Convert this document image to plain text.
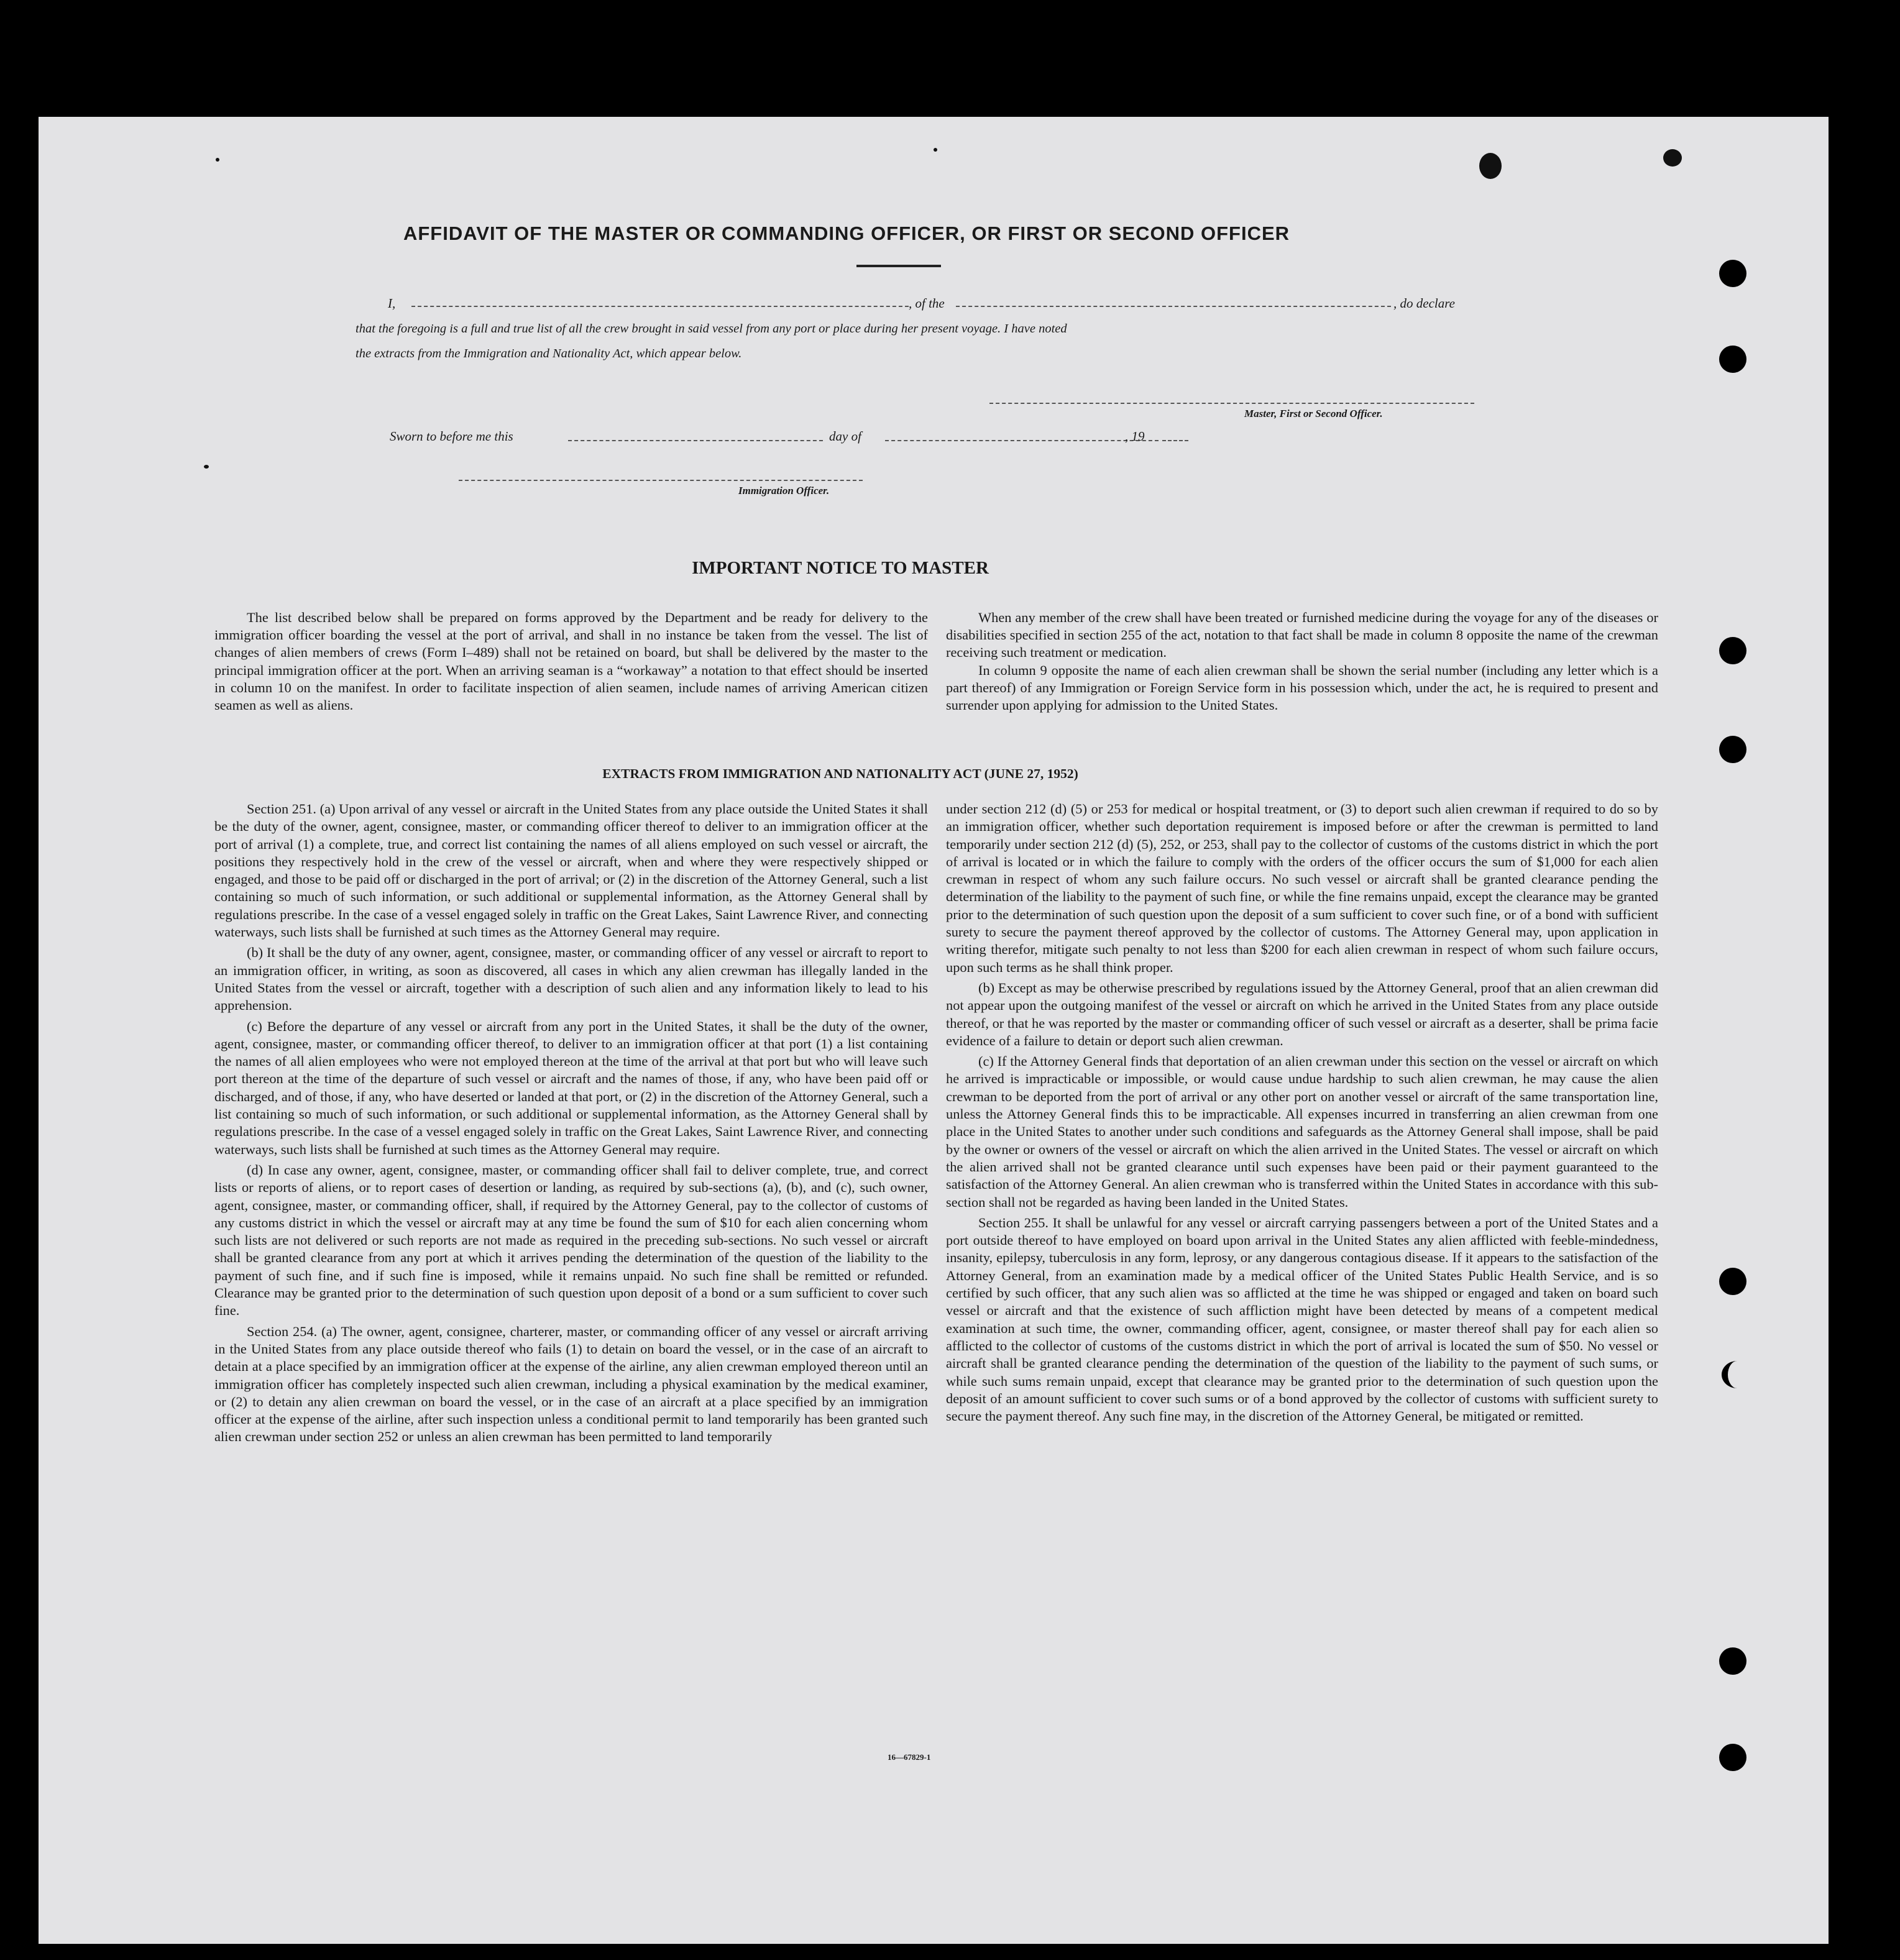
AFFIDAVIT OF THE MASTER OR COMMANDING OFFICER, OR FIRST OR SECOND OFFICER
I,	, of the	, do declare
that the foregoing is a full and true list of all the crew brought in said vessel from any port or place during her present voyage. I have noted
the extracts from the Immigration and Nationality Act, which appear below.
Master, First or Second Officer.
Sworn to before me this	day of	, 19
Immigration Officer.
IMPORTANT NOTICE TO MASTER

The list described below shall be prepared on forms approved by the Department and be ready for delivery to the immigration officer boarding the vessel at the port of arrival, and shall in no instance be taken from the vessel. The list of changes of alien members of crews (Form I–489) shall not be retained on board, but shall be delivered by the master to the principal immigration officer at the port. When an arriving seaman is a “workaway” a notation to that effect should be inserted in column 10 on the manifest. In order to facilitate inspection of alien seamen, include names of arriving American citizen seamen as well as aliens.

When any member of the crew shall have been treated or furnished medicine during the voyage for any of the diseases or disabilities specified in section 255 of the act, notation to that fact shall be made in column 8 opposite the name of the crewman receiving such treatment or medication.

In column 9 opposite the name of each alien crewman shall be shown the serial number (including any letter which is a part thereof) of any Immigration or Foreign Service form in his possession which, under the act, he is required to present and surrender upon applying for admission to the United States.

EXTRACTS FROM IMMIGRATION AND NATIONALITY ACT (JUNE 27, 1952)

Section 251. (a) Upon arrival of any vessel or aircraft in the United States from any place outside the United States it shall be the duty of the owner, agent, consignee, master, or commanding officer thereof to deliver to an immigration officer at the port of arrival (1) a complete, true, and correct list containing the names of all aliens employed on such vessel or aircraft, the positions they respectively hold in the crew of the vessel or aircraft, when and where they were respectively shipped or engaged, and those to be paid off or discharged in the port of arrival; or (2) in the discretion of the Attorney General, such a list containing so much of such information, or such additional or supplemental information, as the Attorney General shall by regulations prescribe. In the case of a vessel engaged solely in traffic on the Great Lakes, Saint Lawrence River, and connecting waterways, such lists shall be furnished at such times as the Attorney General may require.

(b) It shall be the duty of any owner, agent, consignee, master, or commanding officer of any vessel or aircraft to report to an immigration officer, in writing, as soon as discovered, all cases in which any alien crewman has illegally landed in the United States from the vessel or aircraft, together with a description of such alien and any information likely to lead to his apprehension.

(c) Before the departure of any vessel or aircraft from any port in the United States, it shall be the duty of the owner, agent, consignee, master, or commanding officer thereof, to deliver to an immigration officer at that port (1) a list containing the names of all alien employees who were not employed thereon at the time of the arrival at that port but who will leave such port thereon at the time of the departure of such vessel or aircraft and the names of those, if any, who have been paid off or discharged, and of those, if any, who have deserted or landed at that port, or (2) in the discretion of the Attorney General, such a list containing so much of such information, or such additional or supplemental information, as the Attorney General shall by regulations prescribe. In the case of a vessel engaged solely in traffic on the Great Lakes, Saint Lawrence River, and connecting waterways, such lists shall be furnished at such times as the Attorney General may require.

(d) In case any owner, agent, consignee, master, or commanding officer shall fail to deliver complete, true, and correct lists or reports of aliens, or to report cases of desertion or landing, as required by sub-sections (a), (b), and (c), such owner, agent, consignee, master, or commanding officer, shall, if required by the Attorney General, pay to the collector of customs of any customs district in which the vessel or aircraft may at any time be found the sum of $10 for each alien concerning whom such lists are not delivered or such reports are not made as required in the preceding sub-sections. No such vessel or aircraft shall be granted clearance from any port at which it arrives pending the determination of the question of the liability to the payment of such fine, and if such fine is imposed, while it remains unpaid. No such fine shall be remitted or refunded. Clearance may be granted prior to the determination of such question upon deposit of a bond or a sum sufficient to cover such fine.

Section 254. (a) The owner, agent, consignee, charterer, master, or commanding officer of any vessel or aircraft arriving in the United States from any place outside thereof who fails (1) to detain on board the vessel, or in the case of an aircraft to detain at a place specified by an immigration officer at the expense of the airline, any alien crewman employed thereon until an immigration officer has completely inspected such alien crewman, including a physical examination by the medical examiner, or (2) to detain any alien crewman on board the vessel, or in the case of an aircraft at a place specified by an immigration officer at the expense of the airline, after such inspection unless a conditional permit to land temporarily has been granted such alien crewman under section 252 or unless an alien crewman has been permitted to land temporarily

under section 212 (d) (5) or 253 for medical or hospital treatment, or (3) to deport such alien crewman if required to do so by an immigration officer, whether such deportation requirement is imposed before or after the crewman is permitted to land temporarily under section 212 (d) (5), 252, or 253, shall pay to the collector of customs of the customs district in which the port of arrival is located or in which the failure to comply with the orders of the officer occurs the sum of $1,000 for each alien crewman in respect of whom any such failure occurs. No such vessel or aircraft shall be granted clearance pending the determination of the liability to the payment of such fine, or while the fine remains unpaid, except the clearance may be granted prior to the determination of such question upon the deposit of a sum sufficient to cover such fine, or of a bond with sufficient surety to secure the payment thereof approved by the collector of customs. The Attorney General may, upon application in writing therefor, mitigate such penalty to not less than $200 for each alien crewman in respect of whom such failure occurs, upon such terms as he shall think proper.

(b) Except as may be otherwise prescribed by regulations issued by the Attorney General, proof that an alien crewman did not appear upon the outgoing manifest of the vessel or aircraft on which he arrived in the United States from any place outside thereof, or that he was reported by the master or commanding officer of such vessel or aircraft as a deserter, shall be prima facie evidence of a failure to detain or deport such alien crewman.

(c) If the Attorney General finds that deportation of an alien crewman under this section on the vessel or aircraft on which he arrived is impracticable or impossible, or would cause undue hardship to such alien crewman, he may cause the alien crewman to be deported from the port of arrival or any other port on another vessel or aircraft of the same transportation line, unless the Attorney General finds this to be impracticable. All expenses incurred in transferring an alien crewman from one place in the United States to another under such conditions and safeguards as the Attorney General shall impose, shall be paid by the owner or owners of the vessel or aircraft on which the alien arrived in the United States. The vessel or aircraft on which the alien arrived shall not be granted clearance until such expenses have been paid or their payment guaranteed to the satisfaction of the Attorney General. An alien crewman who is transferred within the United States in accordance with this sub-section shall not be regarded as having been landed in the United States.

Section 255. It shall be unlawful for any vessel or aircraft carrying passengers between a port of the United States and a port outside thereof to have employed on board upon arrival in the United States any alien afflicted with feeble-mindedness, insanity, epilepsy, tuberculosis in any form, leprosy, or any dangerous contagious disease. If it appears to the satisfaction of the Attorney General, from an examination made by a medical officer of the United States Public Health Service, and is so certified by such officer, that any such alien was so afflicted at the time he was shipped or engaged and taken on board such vessel or aircraft and that the existence of such affliction might have been detected by means of a competent medical examination at such time, the owner, commanding officer, agent, consignee, or master thereof shall pay for each alien so afflicted to the collector of customs of the customs district in which the port of arrival is located the sum of $50. No vessel or aircraft shall be granted clearance pending the determination of the question of the liability to the payment of such sums, or while such sums remain unpaid, except that clearance may be granted prior to the determination of such question upon the deposit of an amount sufficient to cover such sums or of a bond approved by the collector of customs with sufficient surety to secure the payment thereof. Any such fine may, in the discretion of the Attorney General, be mitigated or remitted.

16—67829-1
